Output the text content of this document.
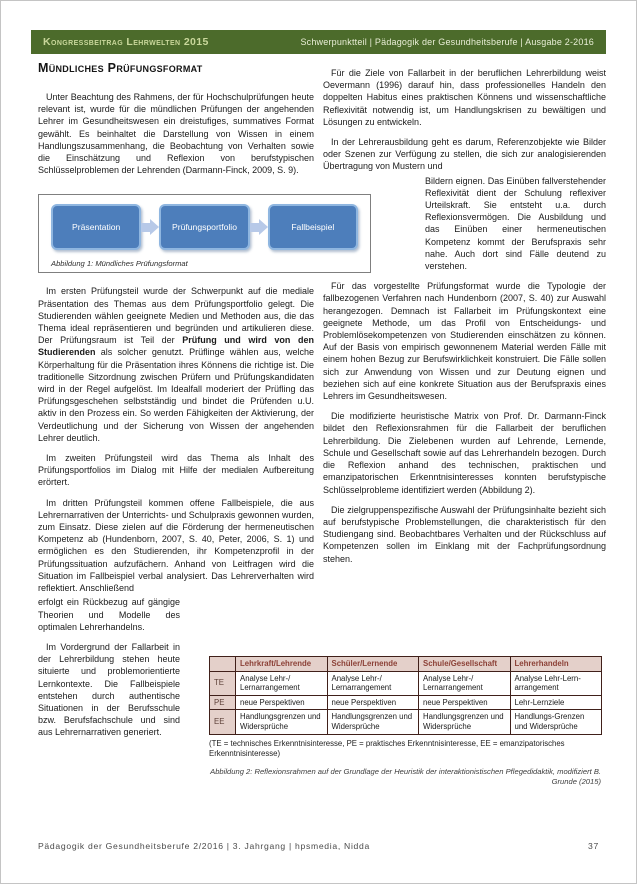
Kongressbeitrag Lehrwelten 2015	Schwerpunktteil | Pädagogik der Gesundheitsberufe | Ausgabe 2-2016
Mündliches Prüfungsformat

Unter Beachtung des Rahmens, der für Hochschulprüfungen heute relevant ist, wurde für die mündlichen Prüfungen der angehenden Lehrer im Gesundheitswesen ein dreistufiges, summatives Format gewählt. Es beinhaltet die Darstellung von Wissen in einem Handlungszusammenhang, die Beobachtung von Verhalten sowie die Einschätzung und Reflexion von berufstypischen Schlüsselproblemen der Lehrenden (Darmann-Finck, 2009, S. 9).

Präsentation	Prüfungsportfolio	Fallbeispiel
Abbildung 1: Mündliches Prüfungsformat

Im ersten Prüfungsteil wurde der Schwerpunkt auf die mediale Präsentation des Themas aus dem Prüfungsportfolio gelegt. Die Studierenden wählen geeignete Medien und Methoden aus, die das Thema ideal repräsentieren und begründen und artikulieren diese. Der Prüfungsraum ist Teil der Prüfung und wird von den Studierenden als solcher genutzt. Prüflinge wählen aus, welche Körperhaltung für die Präsentation ihres Könnens die richtige ist. Die traditionelle Sitzordnung zwischen Prüfern und Prüfungskandidaten wird in der Regel aufgelöst. Im Idealfall moderiert der Prüfling das Prüfungsgeschehen selbstständig und bindet die Prüfenden u.U. aktiv in den Prozess ein. So werden Fähigkeiten der Aktivierung, der Verdeutlichung und der Sicherung von Wissen der angehenden Lehrer deutlich.

Im zweiten Prüfungsteil wird das Thema als Inhalt des Prüfungsportfolios im Dialog mit Hilfe der medialen Aufbereitung erörtert.

Im dritten Prüfungsteil kommen offene Fallbeispiele, die aus Lehrernarrativen der Unterrichts- und Schulpraxis gewonnen wurden, zum Einsatz. Diese zielen auf die Förderung der hermeneutischen Kompetenz ab (Hundenborn, 2007, S. 40, Peter, 2006, S. 1) und ermöglichen es den Studierenden, ihr Kompetenzprofil in der Prüfungssituation aufzufächern. Anhand von Leitfragen wird die Situation im Fallbeispiel verbal analysiert. Das Lehrerverhalten wird reflektiert. Anschließend

erfolgt ein Rückbezug auf gängige Theorien und Modelle des optimalen Lehrerhandelns.

Im Vordergrund der Fallarbeit in der Lehrerbildung stehen heute situierte und problemorientierte Lernkontexte. Die Fallbeispiele entstehen durch authentische Situationen in der Berufsschule bzw. Berufsfachschule und sind aus Lehrernarrativen generiert.

Für die Ziele von Fallarbeit in der beruflichen Lehrerbildung weist Oevermann (1996) darauf hin, dass professionelles Handeln den doppelten Habitus eines praktischen Könnens und wissenschaftliche Reflexivität notwendig ist, um Handlungskrisen zu bewältigen und Lösungen zu entwickeln.

In der Lehrerausbildung geht es darum, Referenzobjekte wie Bilder oder Szenen zur Verfügung zu stellen, die sich zur analogisierenden Übertragung von Mustern und

Bildern eignen. Das Einüben fallverstehender Reflexivität dient der Schulung reflexiver Urteilskraft. Sie entsteht u.a. durch Reflexionsvermögen. Die Ausbildung und das Einüben einer hermeneutischen Kompetenz kommt der Berufspraxis sehr nahe. Auch dort sind Fälle deutend zu verstehen.

Für das vorgestellte Prüfungsformat wurde die Typologie der fallbezogenen Verfahren nach Hundenborn (2007, S. 40) zur Auswahl herangezogen. Demnach ist Fallarbeit im Prüfungskontext eine geeignete Methode, um das Profil von Entscheidungs- und Problemlösekompetenzen von Studierenden einschätzen zu können. Auf der Basis von empirisch gewonnenem Material werden Fälle mit einem hohen Bezug zur Berufswirklichkeit konstruiert. Die Fälle sollen sich zur Anwendung von Wissen und zur Deutung eignen und beziehen sich auf eine konkrete Situation aus der Berufspraxis eines Lehrers im Gesundheitswesen.

Die modifizierte heuristische Matrix von Prof. Dr. Darmann-Finck bildet den Reflexionsrahmen für die Fallarbeit der beruflichen Lehrerbildung. Die Zielebenen wurden auf Lehrende, Lernende, Schule und Gesellschaft sowie auf das Lehrerhandeln bezogen. Durch die Reflexion anhand des technischen, praktischen und emanzipatorischen Erkenntnisinteresses konnten berufstypische Schlüsselprobleme identifiziert werden (Abbildung 2).

Die zielgruppenspezifische Auswahl der Prüfungsinhalte bezieht sich auf berufstypische Problemstellungen, die charakteristisch für den Studiengang sind. Beobachtbares Verhalten und der Rückschluss auf Kompetenzen sollen im Einklang mit der Fachprüfungsordnung stehen.

	Lehrkraft/Lehrende	Schüler/Lernende	Schule/Gesellschaft	Lehrerhandeln
TE	Analyse Lehr-/ Lernarrangement	Analyse Lehr-/ Lernarrangement	Analyse Lehr-/ Lernarrangement	Analyse Lehr-Lern-arrangement
PE	neue Perspektiven	neue Perspektiven	neue Perspektiven	Lehr-Lernziele
EE	Handlungsgrenzen und Widersprüche	Handlungsgrenzen und Widersprüche	Handlungsgrenzen und Widersprüche	Handlungs-Grenzen und Widersprüche
(TE = technisches Erkenntnisinteresse, PE = praktisches Erkenntnisinteresse, EE = emanzipatorisches Erkenntnisinteresse)
Abbildung 2: Reflexionsrahmen auf der Grundlage der Heuristik der interaktionistischen Pflegedidaktik, modifiziert B. Grunde (2015)
Pädagogik der Gesundheitsberufe 2/2016 | 3. Jahrgang | hpsmedia, Nidda	37
